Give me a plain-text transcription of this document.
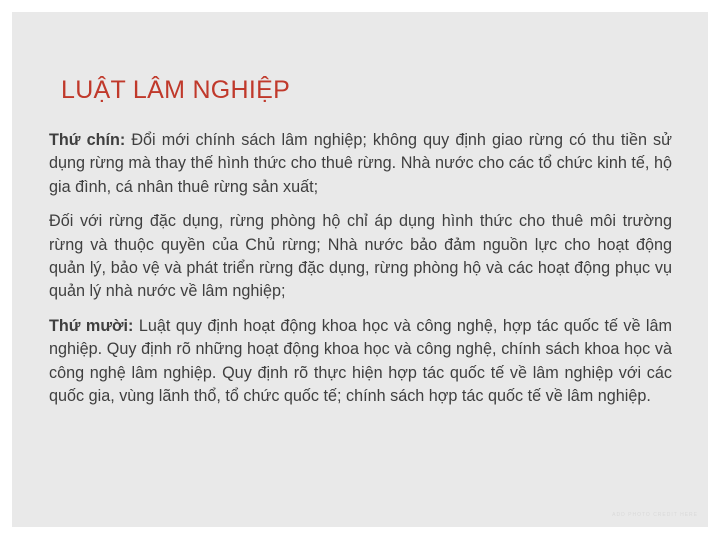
LUẬT LÂM NGHIỆP

Thứ chín: Đổi mới chính sách lâm nghiệp; không quy định giao rừng có thu tiền sử dụng rừng mà thay thế hình thức cho thuê rừng. Nhà nước cho các tổ chức kinh tế, hộ gia đình, cá nhân thuê rừng sản xuất;

Đối với rừng đặc dụng, rừng phòng hộ chỉ áp dụng hình thức cho thuê môi trường rừng và thuộc quyền của Chủ rừng; Nhà nước bảo đảm nguồn lực cho hoạt động quản lý, bảo vệ và phát triển rừng đặc dụng, rừng phòng hộ và các hoạt động phục vụ quản lý nhà nước về lâm nghiệp;

Thứ mười: Luật quy định hoạt động khoa học và công nghệ, hợp tác quốc tế về lâm nghiệp. Quy định rõ những hoạt động khoa học và công nghệ, chính sách khoa học và công nghệ lâm nghiệp. Quy định rõ thực hiện hợp tác quốc tế về lâm nghiệp với các quốc gia, vùng lãnh thổ, tổ chức quốc tế; chính sách hợp tác quốc tế về lâm nghiệp.

ADD PHOTO CREDIT HERE
